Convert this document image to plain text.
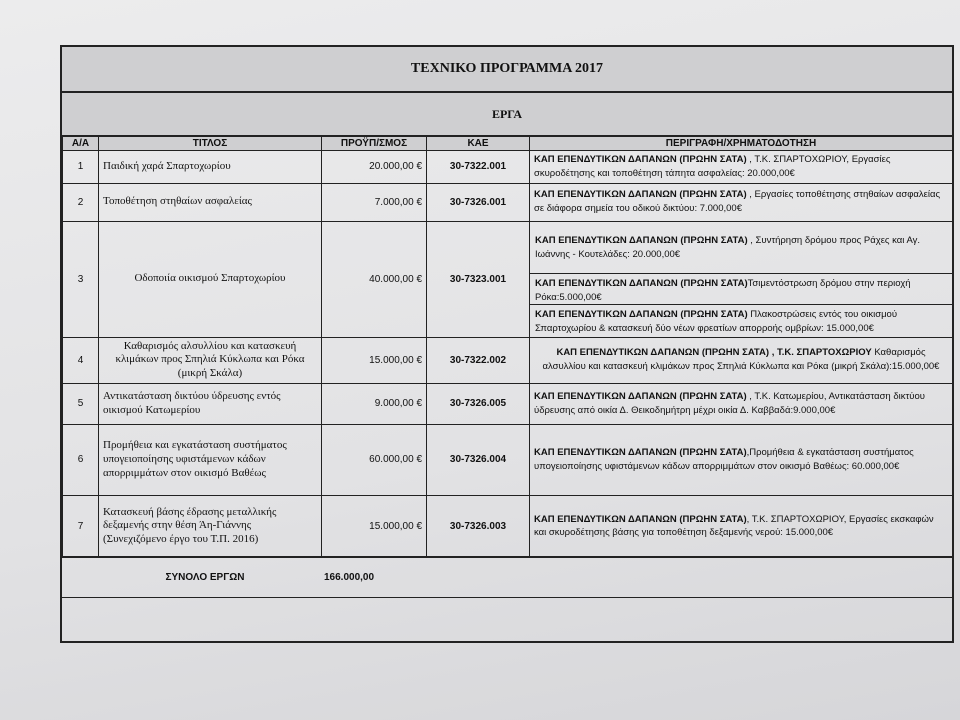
ΤΕΧΝΙΚΟ ΠΡΟΓΡΑΜΜΑ 2017
ΕΡΓΑ
Α/Α	ΤΙΤΛΟΣ	ΠΡΟΫΠ/ΣΜΟΣ	ΚΑΕ	ΠΕΡΙΓΡΑΦΗ/ΧΡΗΜΑΤΟΔΟΤΗΣΗ
1	Παιδική χαρά Σπαρτοχωρίου	20.000,00 €	30-7322.001	ΚΑΠ ΕΠΕΝΔΥΤΙΚΩΝ ΔΑΠΑΝΩΝ (ΠΡΩΗΝ ΣΑΤΑ) , Τ.Κ. ΣΠΑΡΤΟΧΩΡΙΟΥ, Εργασίες σκυροδέτησης και τοποθέτηση τάπητα ασφαλείας: 20.000,00€
2	Τοποθέτηση στηθαίων ασφαλείας	7.000,00 €	30-7326.001	ΚΑΠ ΕΠΕΝΔΥΤΙΚΩΝ ΔΑΠΑΝΩΝ (ΠΡΩΗΝ ΣΑΤΑ) , Εργασίες τοποθέτησης στηθαίων ασφαλείας σε διάφορα σημεία του οδικού δικτύου: 7.000,00€
3	Οδοποιία οικισμού Σπαρτοχωρίου	40.000,00 €	30-7323.001	ΚΑΠ ΕΠΕΝΔΥΤΙΚΩΝ ΔΑΠΑΝΩΝ (ΠΡΩΗΝ ΣΑΤΑ) , Συντήρηση δρόμου προς Ράχες και Αγ. Ιωάννης - Κουτελάδες: 20.000,00€
ΚΑΠ ΕΠΕΝΔΥΤΙΚΩΝ ΔΑΠΑΝΩΝ (ΠΡΩΗΝ ΣΑΤΑ)Τσιμεντόστρωση δρόμου στην περιοχή Ρόκα:5.000,00€
ΚΑΠ ΕΠΕΝΔΥΤΙΚΩΝ ΔΑΠΑΝΩΝ (ΠΡΩΗΝ ΣΑΤΑ) Πλακοστρώσεις εντός του οικισμού Σπαρτοχωρίου & κατασκευή δύο νέων φρεατίων απορροής ομβρίων: 15.000,00€

4	Καθαρισμός αλσυλλίου και κατασκευή κλιμάκων προς Σπηλιά Κύκλωπα και Ρόκα (μικρή Σκάλα)	15.000,00 €	30-7322.002	ΚΑΠ ΕΠΕΝΔΥΤΙΚΩΝ ΔΑΠΑΝΩΝ (ΠΡΩΗΝ ΣΑΤΑ) , Τ.Κ. ΣΠΑΡΤΟΧΩΡΙΟΥ Καθαρισμός αλσυλλίου και κατασκευή κλιμάκων προς Σπηλιά Κύκλωπα και Ρόκα (μικρή Σκάλα):15.000,00€
5	Αντικατάσταση δικτύου ύδρευσης εντός οικισμού Κατωμερίου	9.000,00 €	30-7326.005	ΚΑΠ ΕΠΕΝΔΥΤΙΚΩΝ ΔΑΠΑΝΩΝ (ΠΡΩΗΝ ΣΑΤΑ) , Τ.Κ. Κατωμερίου, Αντικατάσταση δικτύου ύδρευσης από οικία Δ. Θεικοδημήτρη μέχρι οικία Δ. Καββαδά:9.000,00€
6	Προμήθεια και εγκατάσταση συστήματος υπογειοποίησης υφιστάμενων κάδων απορριμμάτων στον οικισμό Βαθέως	60.000,00 €	30-7326.004	ΚΑΠ ΕΠΕΝΔΥΤΙΚΩΝ ΔΑΠΑΝΩΝ (ΠΡΩΗΝ ΣΑΤΑ),Προμήθεια & εγκατάσταση συστήματος υπογειοποίησης υφιστάμενων κάδων απορριμμάτων στον οικισμό Βαθέως: 60.000,00€
7	Κατασκευή βάσης έδρασης μεταλλικής δεξαμενής στην θέση Άη-Γιάννης (Συνεχιζόμενο έργο του Τ.Π. 2016)	15.000,00 €	30-7326.003	ΚΑΠ ΕΠΕΝΔΥΤΙΚΩΝ ΔΑΠΑΝΩΝ (ΠΡΩΗΝ ΣΑΤΑ), Τ.Κ. ΣΠΑΡΤΟΧΩΡΙΟΥ, Εργασίες εκσκαφών και σκυροδέτησης βάσης για τοποθέτηση δεξαμενής νερού: 15.000,00€
ΣΥΝΟΛΟ ΕΡΓΩΝ	166.000,00
